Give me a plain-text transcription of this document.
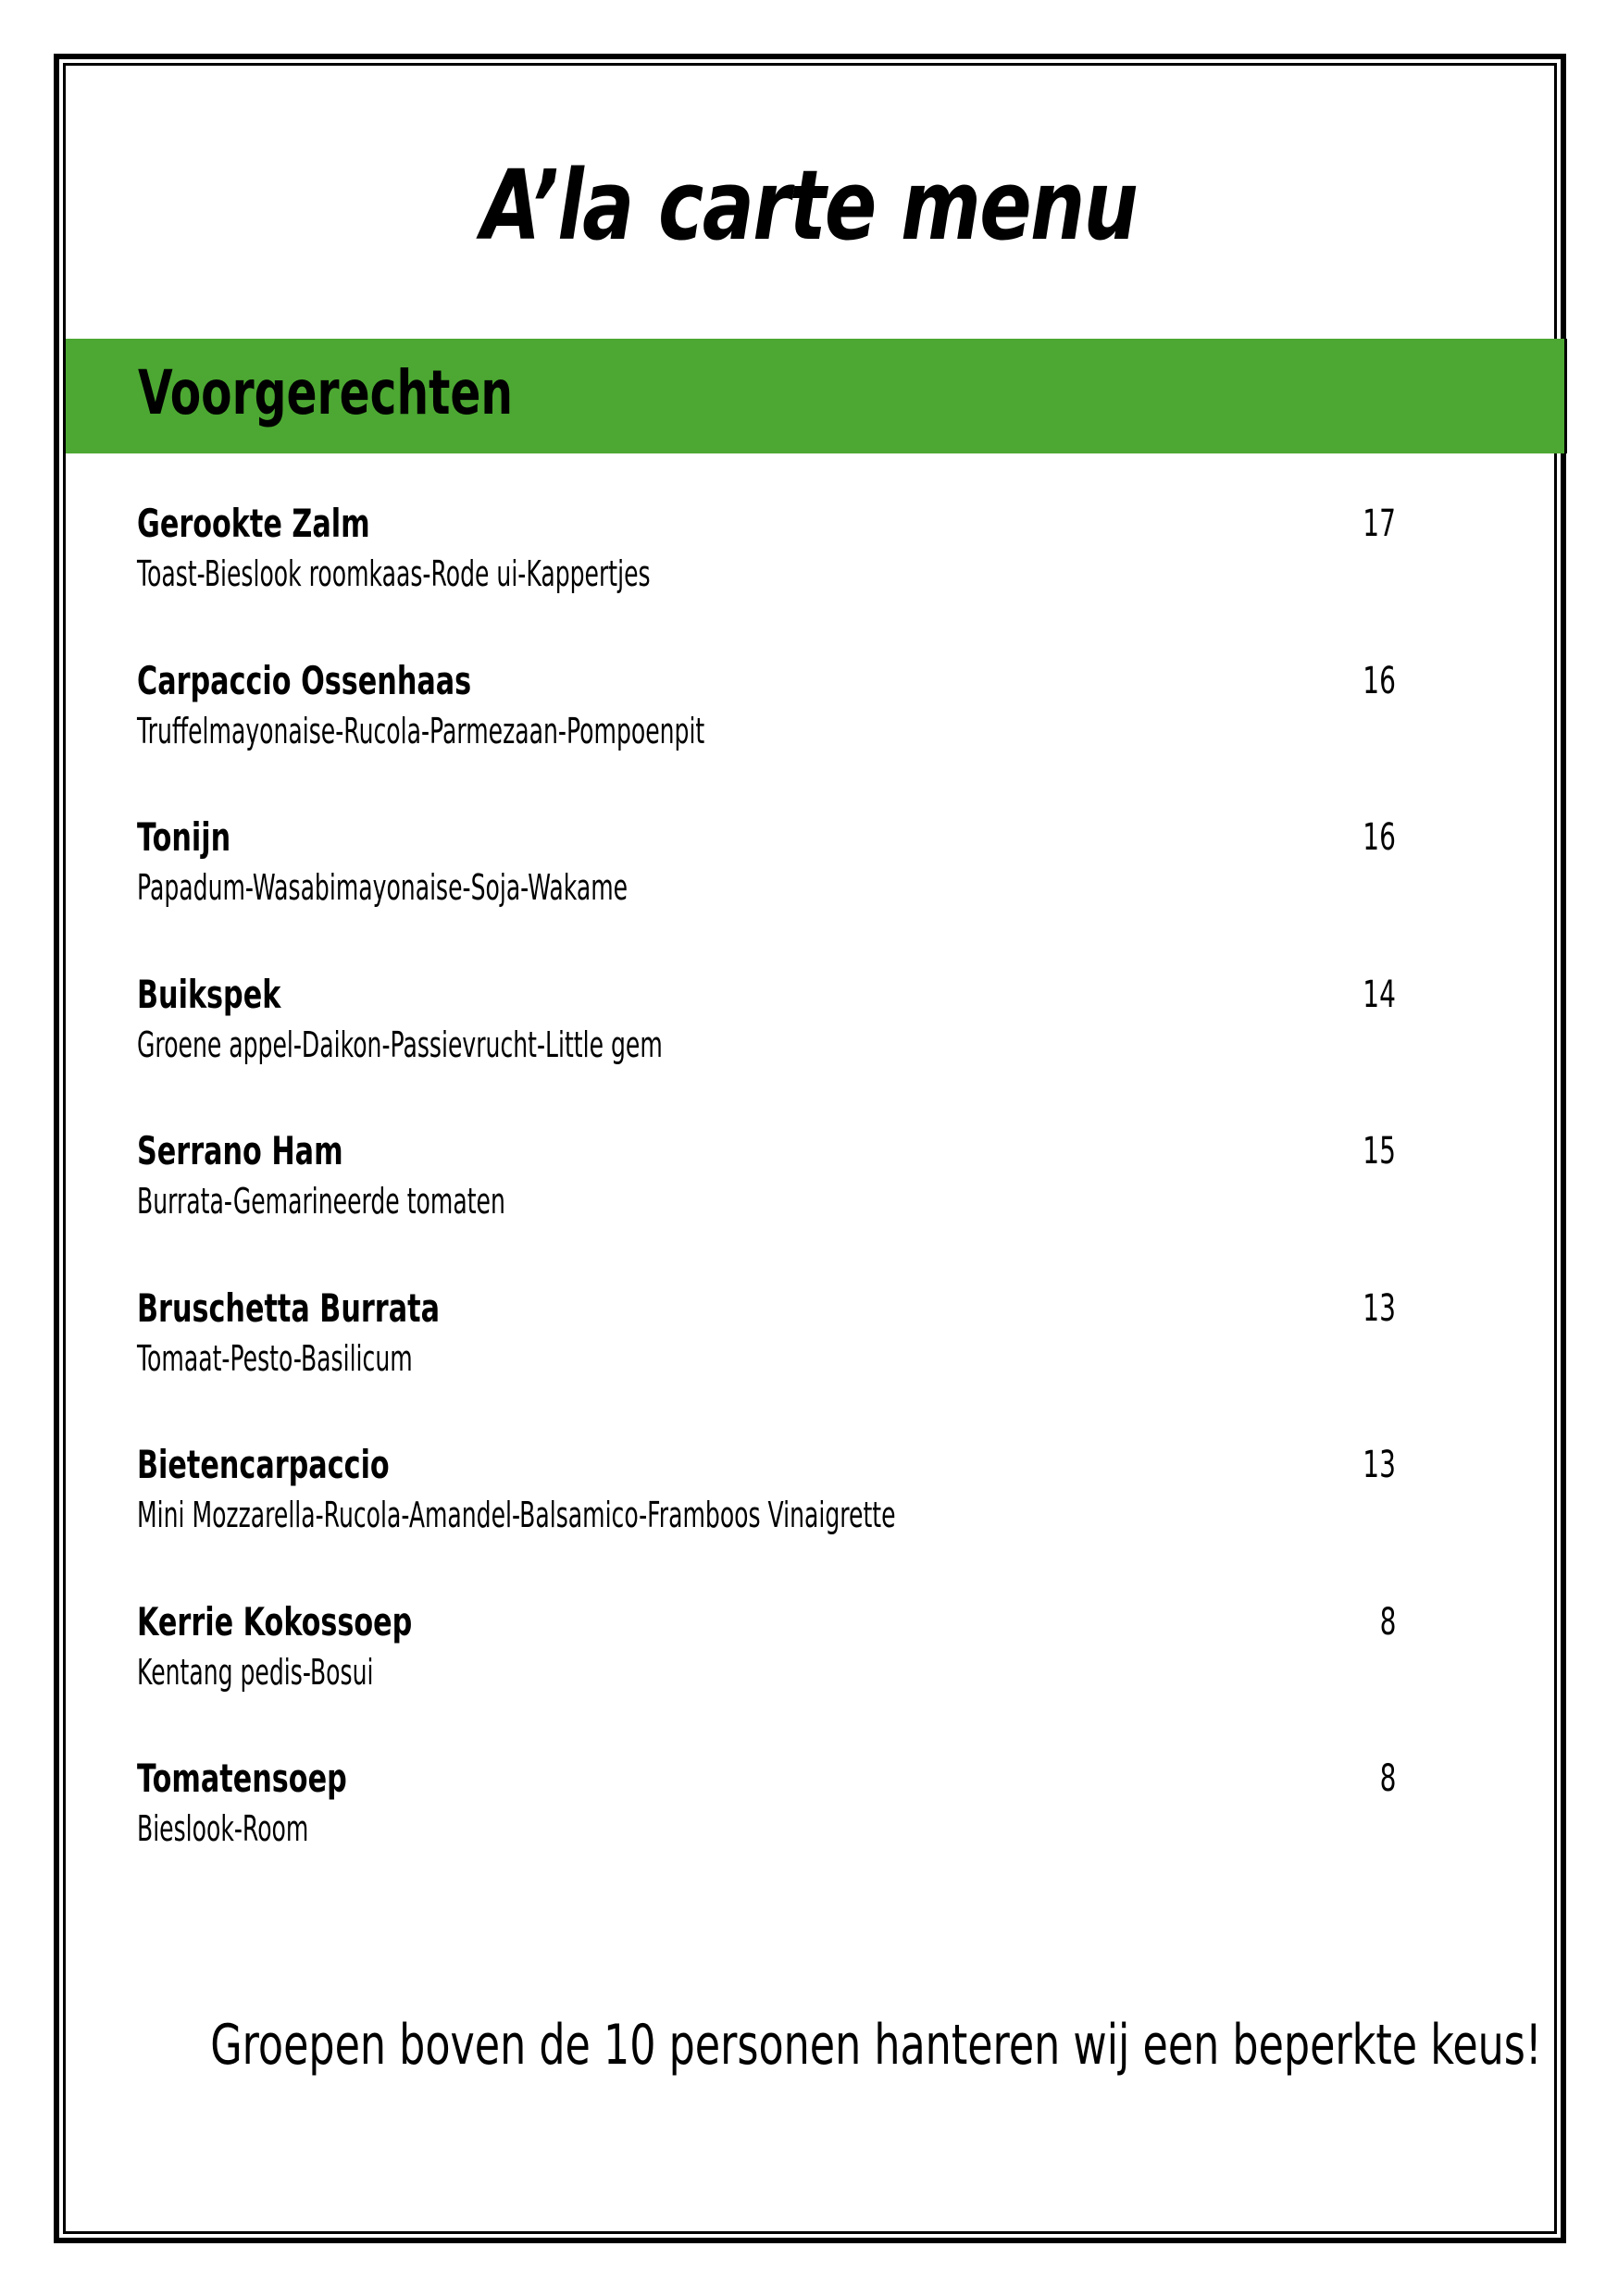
A’la carte menu
Voorgerechten
Gerookte Zalm	17
Toast-Bieslook roomkaas-Rode ui-Kappertjes
Carpaccio Ossenhaas	16
Truffelmayonaise-Rucola-Parmezaan-Pompoenpit
Tonijn	16
Papadum-Wasabimayonaise-Soja-Wakame
Buikspek	14
Groene appel-Daikon-Passievrucht-Little gem
Serrano Ham	15
Burrata-Gemarineerde tomaten
Bruschetta Burrata	13
Tomaat-Pesto-Basilicum
Bietencarpaccio	13
Mini Mozzarella-Rucola-Amandel-Balsamico-Framboos Vinaigrette
Kerrie Kokossoep	8
Kentang pedis-Bosui
Tomatensoep	8
Bieslook-Room
Groepen boven de 10 personen hanteren wij een beperkte keus!
